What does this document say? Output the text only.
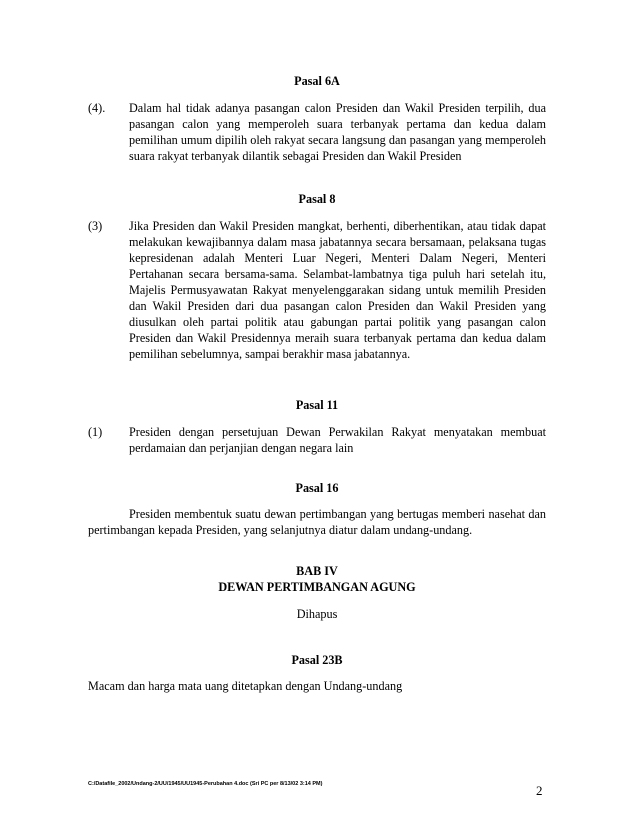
Pasal 6A
(4). Dalam hal tidak adanya pasangan calon Presiden dan Wakil Presiden terpilih, dua pasangan calon yang memperoleh suara terbanyak pertama dan kedua dalam pemilihan umum dipilih oleh rakyat secara langsung dan pasangan yang memperoleh suara rakyat terbanyak dilantik sebagai Presiden dan Wakil Presiden
Pasal 8
(3) Jika Presiden dan Wakil Presiden mangkat, berhenti, diberhentikan, atau tidak dapat melakukan kewajibannya dalam masa jabatannya secara bersamaan, pelaksana tugas kepresidenan adalah Menteri Luar Negeri, Menteri Dalam Negeri, Menteri Pertahanan secara bersama-sama. Selambat-lambatnya tiga puluh hari setelah itu, Majelis Permusyawatan Rakyat menyelenggarakan sidang untuk memilih Presiden dan Wakil Presiden dari dua pasangan calon Presiden dan Wakil Presiden yang diusulkan oleh partai politik atau gabungan partai politik yang pasangan calon Presiden dan Wakil Presidennya meraih suara terbanyak pertama dan kedua dalam pemilihan sebelumnya, sampai berakhir masa jabatannya.
Pasal 11
(1) Presiden dengan persetujuan Dewan Perwakilan Rakyat menyatakan membuat perdamaian dan perjanjian dengan negara lain
Pasal 16
Presiden membentuk suatu dewan pertimbangan yang bertugas memberi nasehat dan pertimbangan kepada Presiden, yang selanjutnya diatur dalam undang-undang.
BAB IV
DEWAN PERTIMBANGAN AGUNG
Dihapus
Pasal 23B
Macam dan harga mata uang ditetapkan dengan Undang-undang
C:/Datafile_2002/Undang-2/UU/1945/UU1945-Perubahan 4.doc (Sri PC per 8/13/02 3:14 PM)	2
